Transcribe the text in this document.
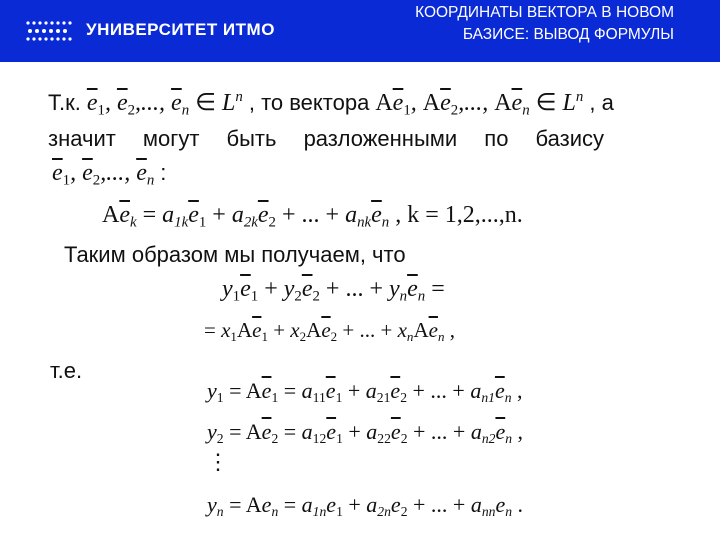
УНИВЕРСИТЕТ ИТМО
КООРДИНАТЫ ВЕКТОРА В НОВОМ
БАЗИСЕ: ВЫВОД ФОРМУЛЫ
Т.к. $\overline{e}_1$, $\overline{e}_2$,..., $\overline{e}_n$ ∈ $L^n$ , то вектора $A\overline{e}_1$, $A\overline{e}_2$,..., $A\overline{e}_n$ ∈ $L^n$ , а
значит могут быть разложенными по базису
$\overline{e}_1$, $\overline{e}_2$,..., $\overline{e}_n$ :
$A\overline{e}_k = a_{1k}\overline{e}_1 + a_{2k}\overline{e}_2$ + ... + $a_{nk}\overline{e}_n$ , k = 1,2,...,n.
Таким образом мы получаем, что
$y_1\overline{e}_1 + y_2\overline{e}_2$ + ... + $y_n\overline{e}_n$ =
= $x_1A\overline{e}_1 + x_2A\overline{e}_2$ + ... + $x_nA\overline{e}_n$ ,
т.е.
$y_1 = A\overline{e}_1 = a_{11}\overline{e}_1 + a_{21}\overline{e}_2$ + ... + $a_{n1}\overline{e}_n$ ,
$y_2 = A\overline{e}_2 = a_{12}\overline{e}_1 + a_{22}\overline{e}_2$ + ... + $a_{n2}\overline{e}_n$ ,
⋮
$y_n = Ae_n = a_{1n}e_1 + a_{2n}e_2$ + ... + $a_{nn}e_n$ .
